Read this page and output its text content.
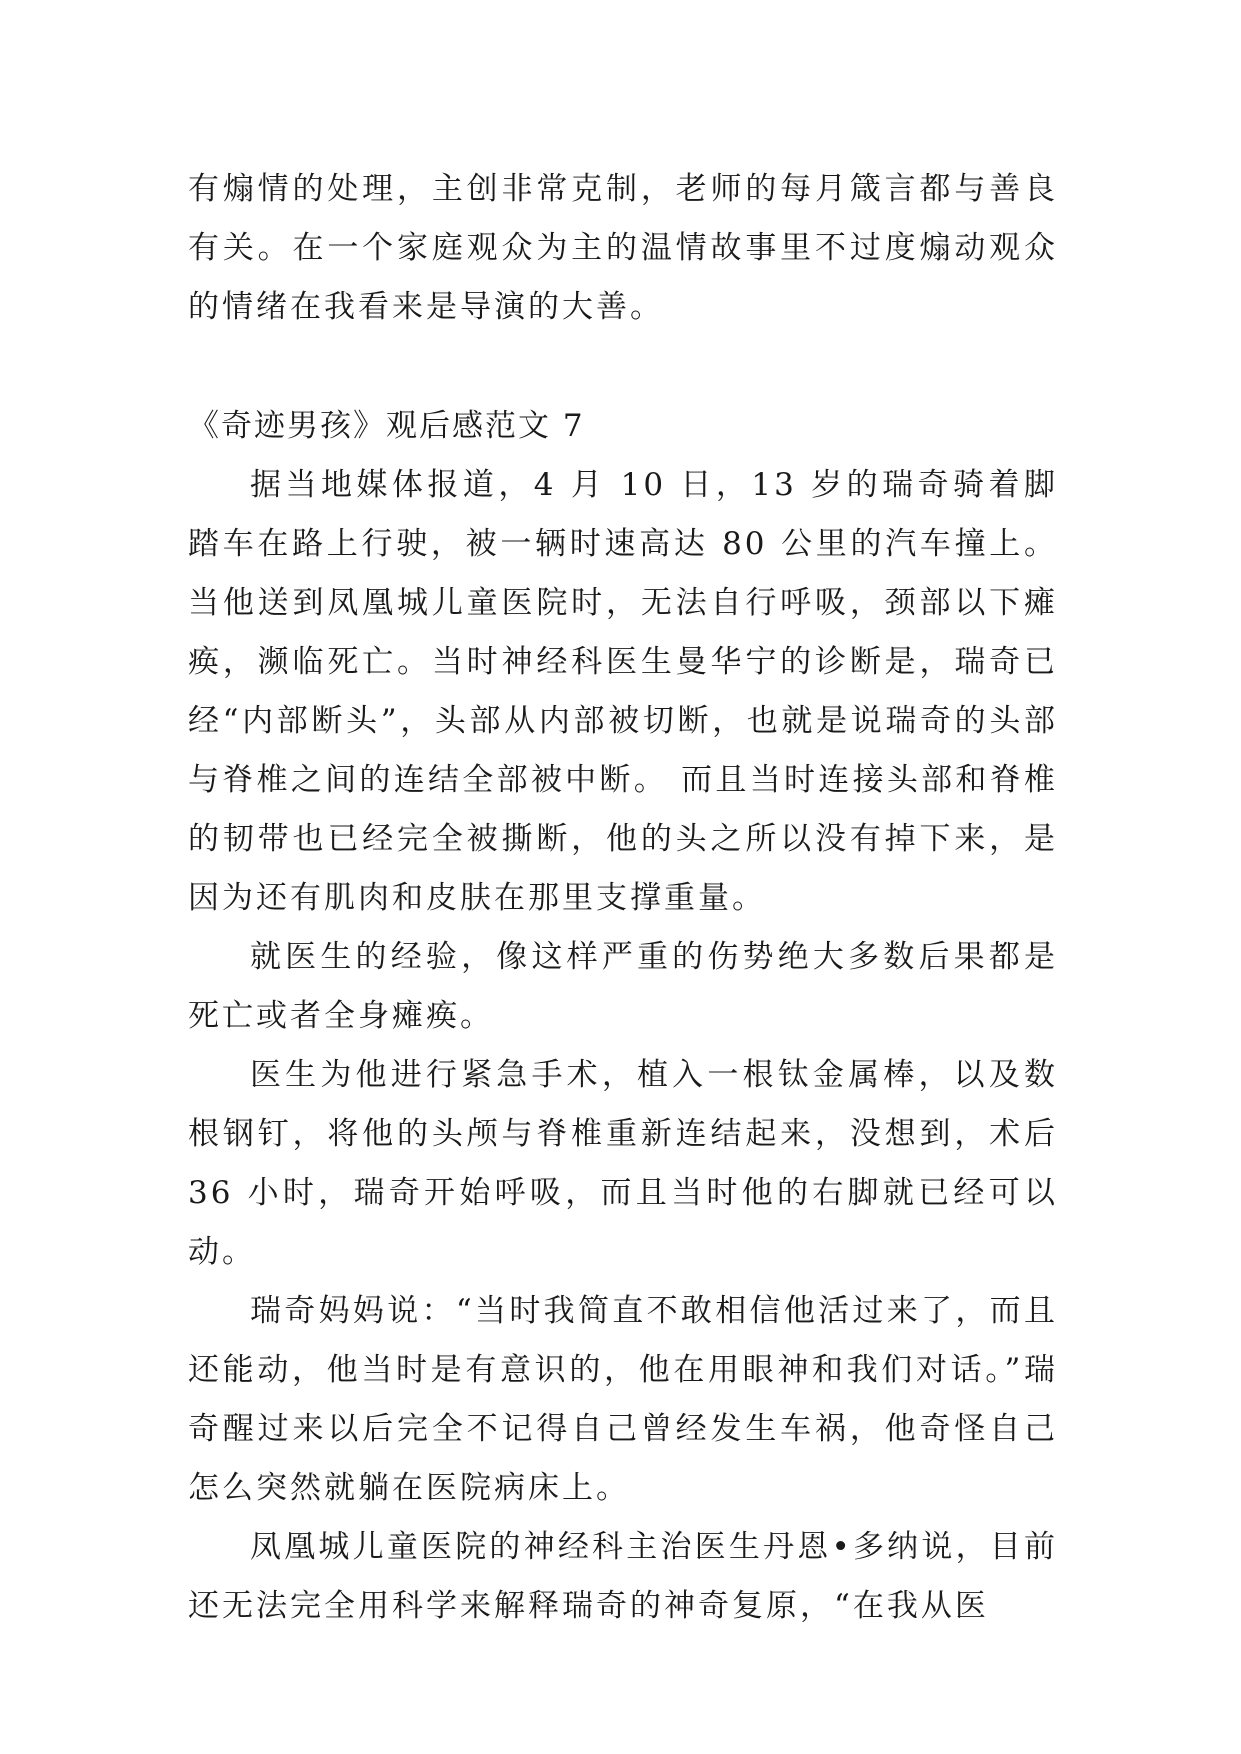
有煽情的处理，主创非常克制，老师的每月箴言都与善良有关。在一个家庭观众为主的温情故事里不过度煽动观众的情绪在我看来是导演的大善。

《奇迹男孩》观后感范文 7

据当地媒体报道，4 月 10 日，13 岁的瑞奇骑着脚踏车在路上行驶，被一辆时速高达 80 公里的汽车撞上。当他送到凤凰城儿童医院时，无法自行呼吸，颈部以下瘫痪，濒临死亡。当时神经科医生曼华宁的诊断是，瑞奇已经“内部断头”，头部从内部被切断，也就是说瑞奇的头部与脊椎之间的连结全部被中断。 而且当时连接头部和脊椎的韧带也已经完全被撕断，他的头之所以没有掉下来，是因为还有肌肉和皮肤在那里支撑重量。

就医生的经验，像这样严重的伤势绝大多数后果都是死亡或者全身瘫痪。

医生为他进行紧急手术，植入一根钛金属棒，以及数根钢钉，将他的头颅与脊椎重新连结起来，没想到，术后 36 小时，瑞奇开始呼吸，而且当时他的右脚就已经可以动。

瑞奇妈妈说：“当时我简直不敢相信他活过来了，而且还能动，他当时是有意识的，他在用眼神和我们对话。”瑞奇醒过来以后完全不记得自己曾经发生车祸，他奇怪自己怎么突然就躺在医院病床上。

凤凰城儿童医院的神经科主治医生丹恩•多纳说，目前还无法完全用科学来解释瑞奇的神奇复原，“在我从医
